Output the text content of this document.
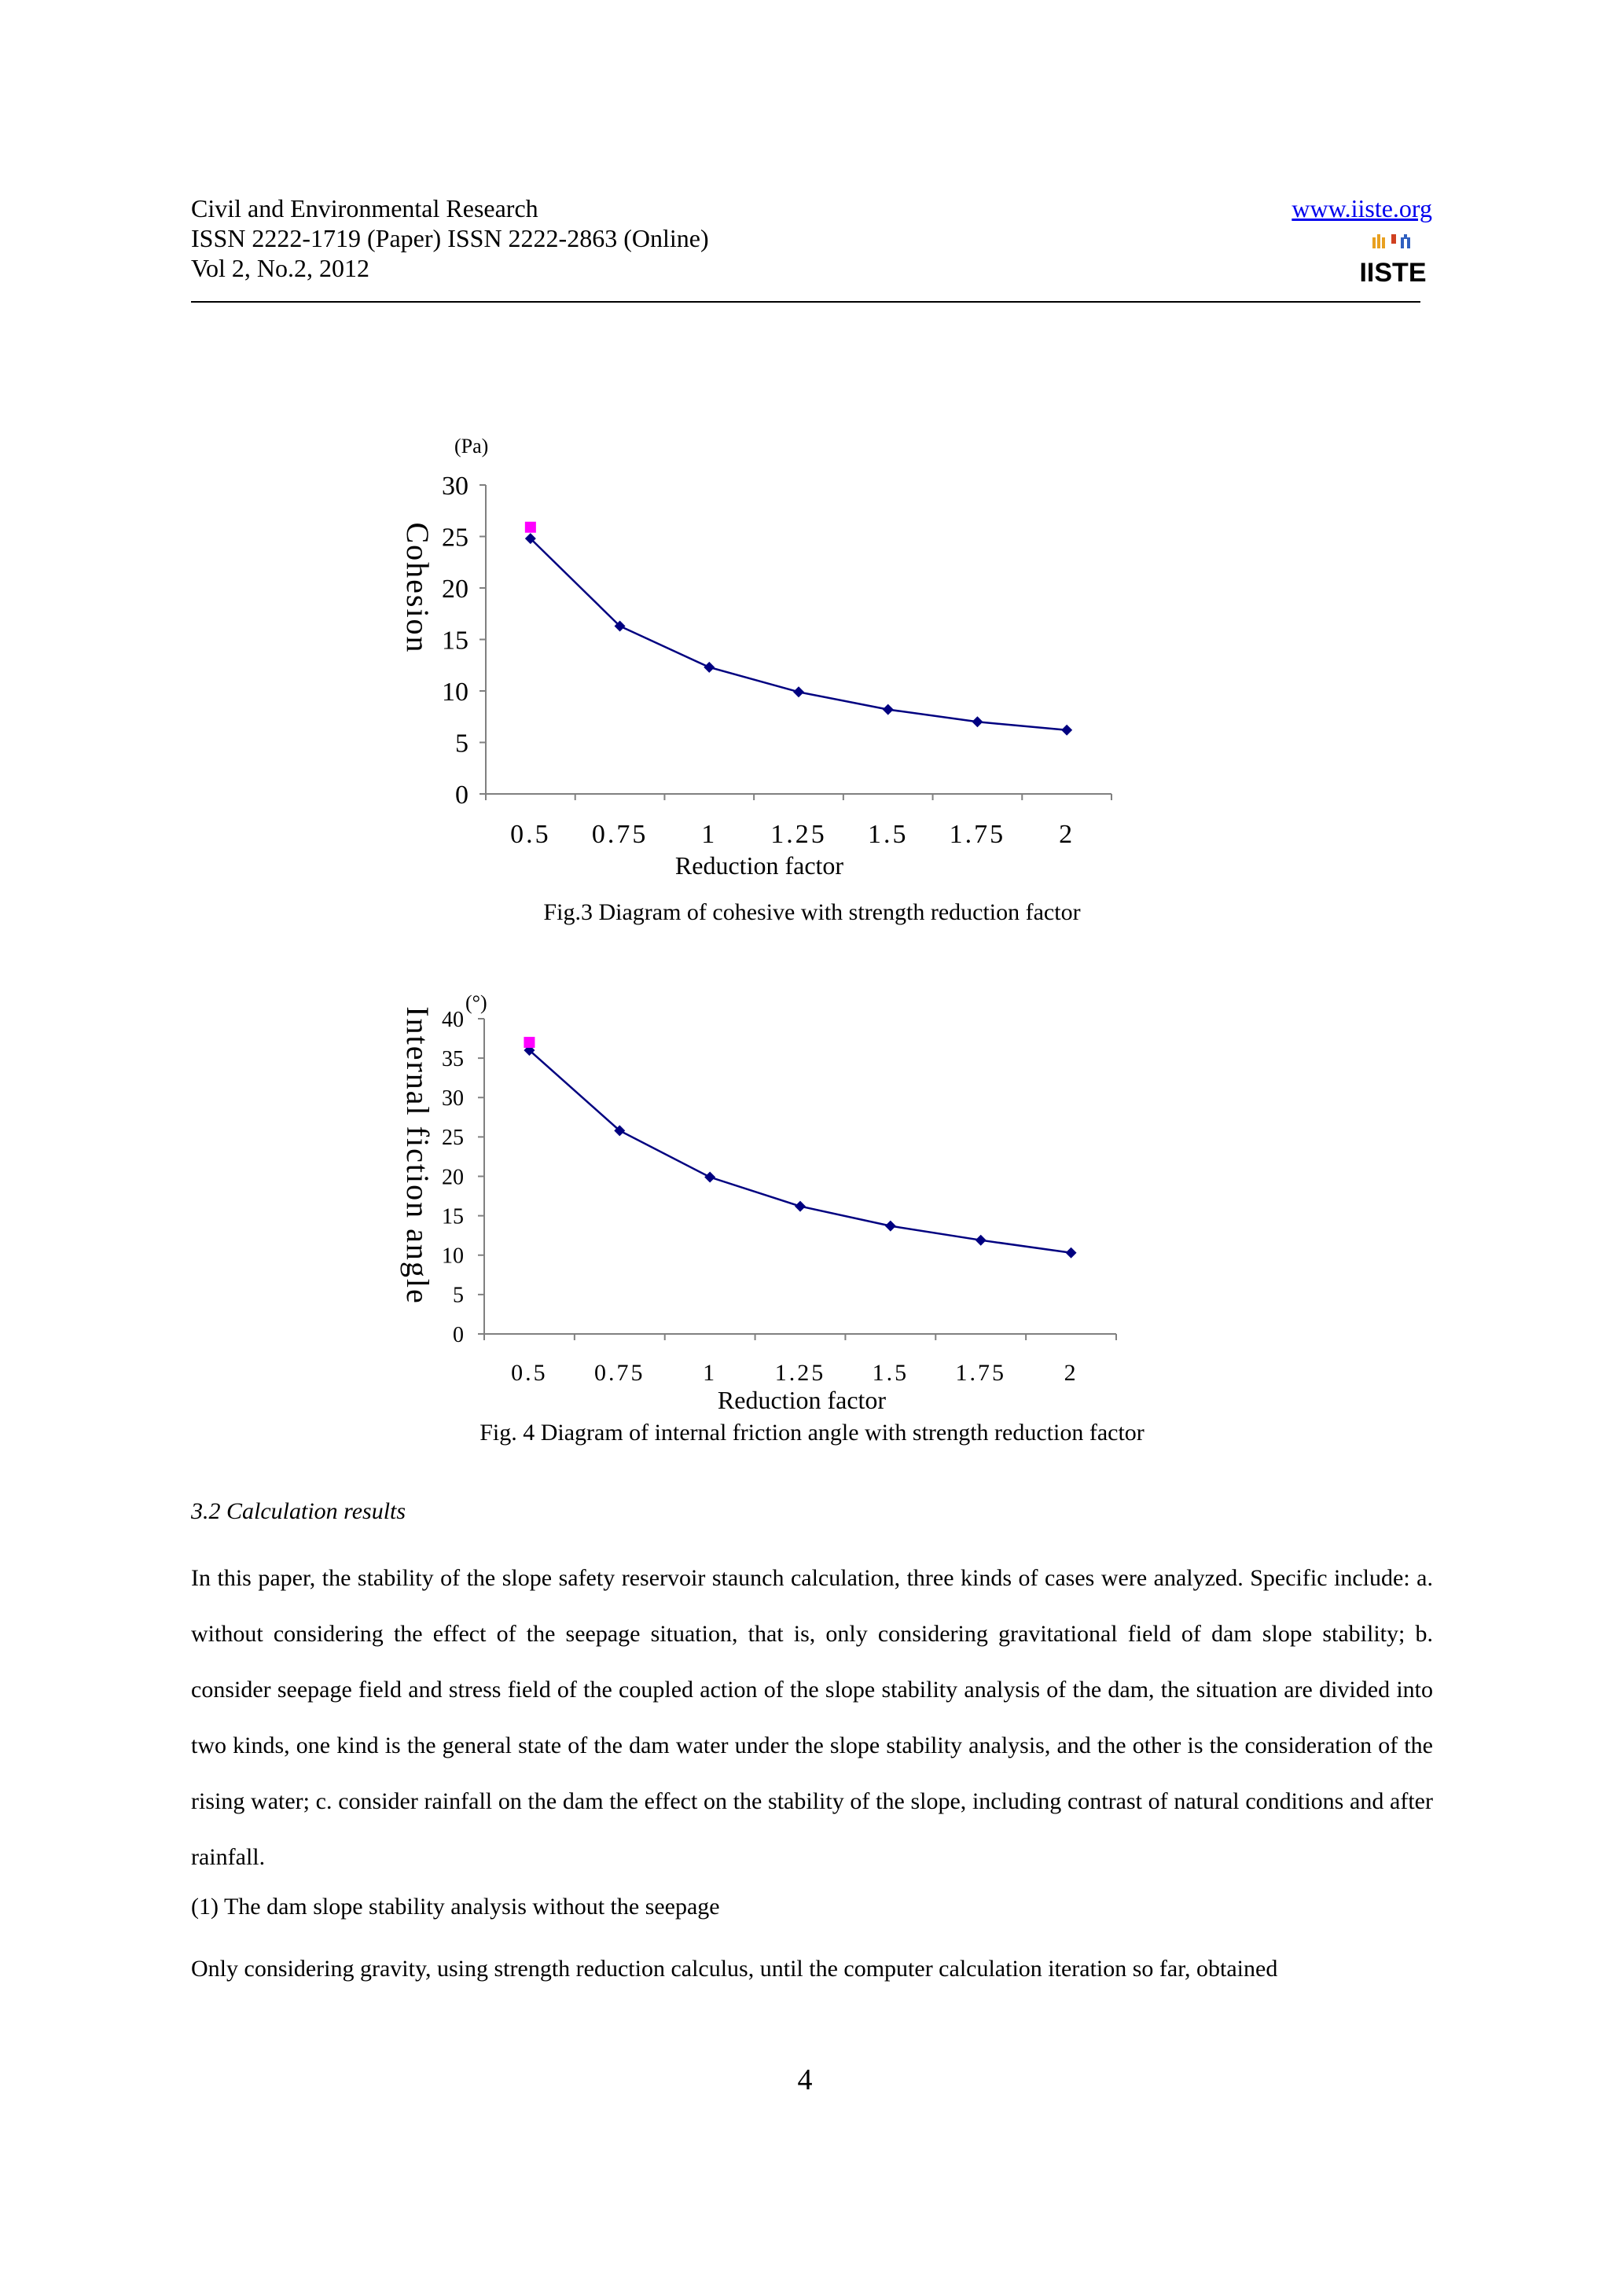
Civil and Environmental Research
ISSN 2222-1719 (Paper) ISSN 2222-2863 (Online)
Vol 2, No.2, 2012
www.iiste.org
IISTE
0
5
10
15
20
25
30
0.5 0.75 1 1.25 1.5 1.75 2
Reduction factor
(Pa)
Cohesion
Fig.3 Diagram of cohesive with strength reduction factor
0
5
10
15
20
25
30
35
40
0.5 0.75 1 1.25 1.5 1.75 2
Reduction factor
(°)
Internal fiction angle
Fig. 4 Diagram of internal friction angle with strength reduction factor
3.2 Calculation results
In this paper, the stability of the slope safety reservoir staunch calculation, three kinds of cases were analyzed. Specific include: a. without considering the effect of the seepage situation, that is, only considering gravitational field of dam slope stability; b. consider seepage field and stress field of the coupled action of the slope stability analysis of the dam, the situation are divided into two kinds, one kind is the general state of the dam water under the slope stability analysis, and the other is the consideration of the rising water; c. consider rainfall on the dam the effect on the stability of the slope, including contrast of natural conditions and after rainfall.
(1) The dam slope stability analysis without the seepage
Only considering gravity, using strength reduction calculus, until the computer calculation iteration so far, obtained
4
